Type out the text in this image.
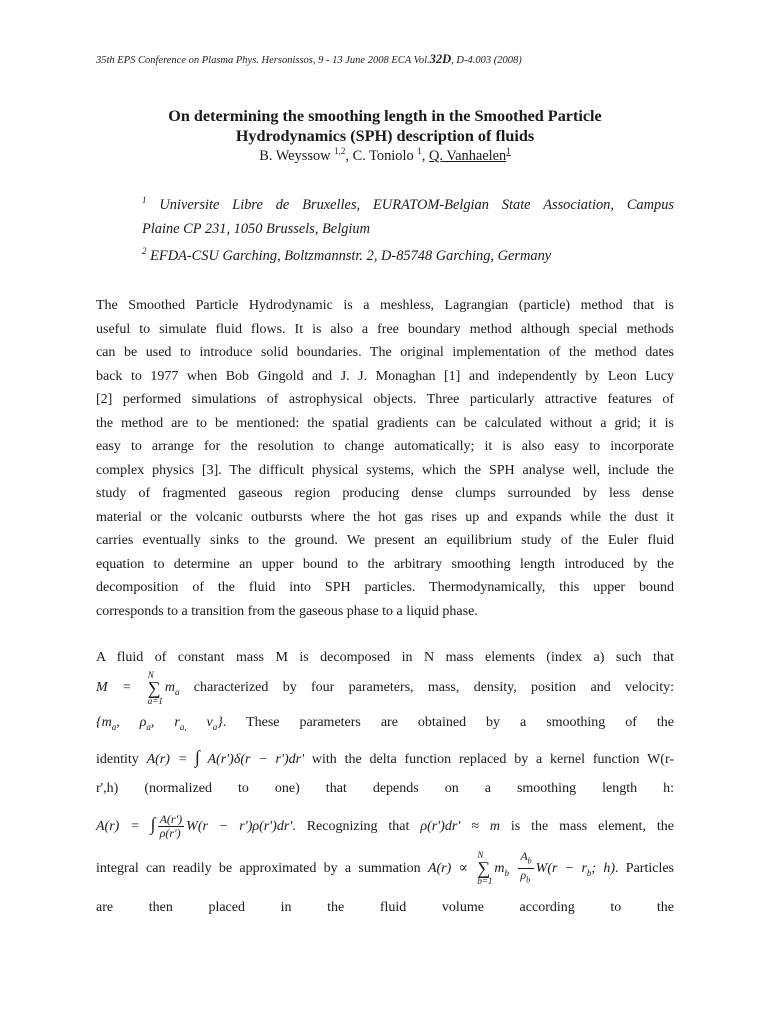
35th EPS Conference on Plasma Phys. Hersonissos, 9 - 13 June 2008 ECA Vol.32D, D-4.003 (2008)
On determining the smoothing length in the Smoothed Particle
Hydrodynamics (SPH) description of fluids
B. Weyssow $^{1,2}$, C. Toniolo $^1$, Q. Vanhaelen$^1$
$^1$ Universite Libre de Bruxelles, EURATOM-Belgian State Association, Campus
Plaine CP 231, 1050 Brussels, Belgium
$^2$ EFDA-CSU Garching, Boltzmannstr. 2, D-85748 Garching, Germany
The Smoothed Particle Hydrodynamic is a meshless, Lagrangian (particle) method that is
useful to simulate fluid flows. It is also a free boundary method although special methods
can be used to introduce solid boundaries. The original implementation of the method dates
back to 1977 when Bob Gingold and J. J. Monaghan [1] and independently by Leon Lucy
[2] performed simulations of astrophysical objects. Three particularly attractive features of
the method are to be mentioned: the spatial gradients can be calculated without a grid; it is
easy to arrange for the resolution to change automatically; it is also easy to incorporate
complex physics [3]. The difficult physical systems, which the SPH analyse well, include the
study of fragmented gaseous region producing dense clumps surrounded by less dense
material or the volcanic outbursts where the hot gas rises up and expands while the dust it
carries eventually sinks to the ground. We present an equilibrium study of the Euler fluid
equation to determine an upper bound to the arbitrary smoothing length introduced by the
decomposition of the fluid into SPH particles. Thermodynamically, this upper bound
corresponds to a transition from the gaseous phase to a liquid phase.
A fluid of constant mass M is decomposed in N mass elements (index a) such that
M = N
∑
$a=1m_a$ characterized by four parameters, mass, density, position and velocity:
{$m_a$, $\rho_a$, $r_{a,}$ $v_a$}. These parameters are obtained by a smoothing of the
identity A(r) = ∫ A(r')δ(r − r')dr' with the delta function replaced by a kernel function W(r-
r',h) (normalized to one) that depends on a smoothing length h:
A(r) = ∫ $\frac{A(r')}{\rho(r')} W(r - r')\rho(r')dr'$. Recognizing that ρ(r')dr' ≈ m is the mass element, the
integral can readily be approximated by a summation A(r) ∝ N
∑
$b=1m_b \frac{A_b}{\rho_b} W(r - r_b$; h). Particles
are then placed in the fluid volume according to the
